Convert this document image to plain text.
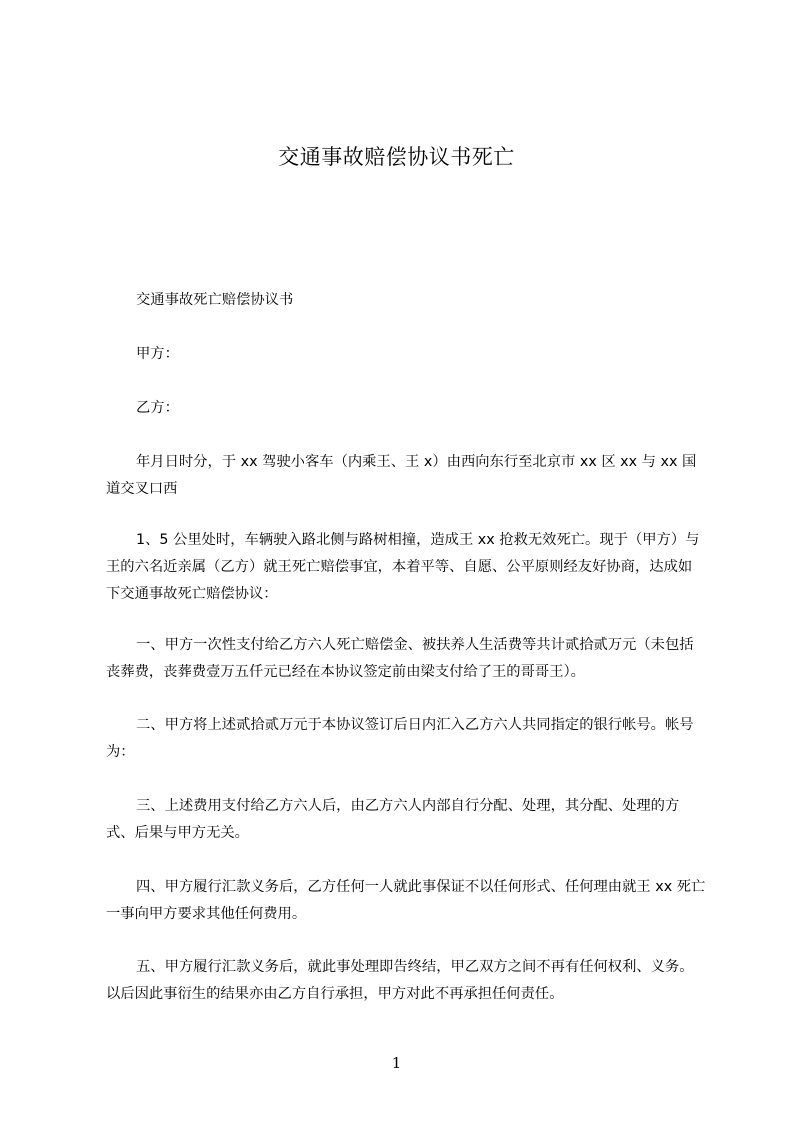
交通事故赔偿协议书死亡
交通事故死亡赔偿协议书
甲方：
乙方：
年月日时分，于 xx 驾驶小客车（内乘王、王 x）由西向东行至北京市 xx 区 xx 与 xx 国道交叉口西
1、5 公里处时，车辆驶入路北侧与路树相撞，造成王 xx 抢救无效死亡。现于（甲方）与王的六名近亲属（乙方）就王死亡赔偿事宜，本着平等、自愿、公平原则经友好协商，达成如下交通事故死亡赔偿协议：
一、甲方一次性支付给乙方六人死亡赔偿金、被扶养人生活费等共计贰拾贰万元（未包括丧葬费，丧葬费壹万五仟元已经在本协议签定前由梁支付给了王的哥哥王）。
二、甲方将上述贰拾贰万元于本协议签订后日内汇入乙方六人共同指定的银行帐号。帐号为：
三、上述费用支付给乙方六人后，由乙方六人内部自行分配、处理，其分配、处理的方式、后果与甲方无关。
四、甲方履行汇款义务后，乙方任何一人就此事保证不以任何形式、任何理由就王 xx 死亡一事向甲方要求其他任何费用。
五、甲方履行汇款义务后，就此事处理即告终结，甲乙双方之间不再有任何权利、义务。以后因此事衍生的结果亦由乙方自行承担，甲方对此不再承担任何责任。
1
